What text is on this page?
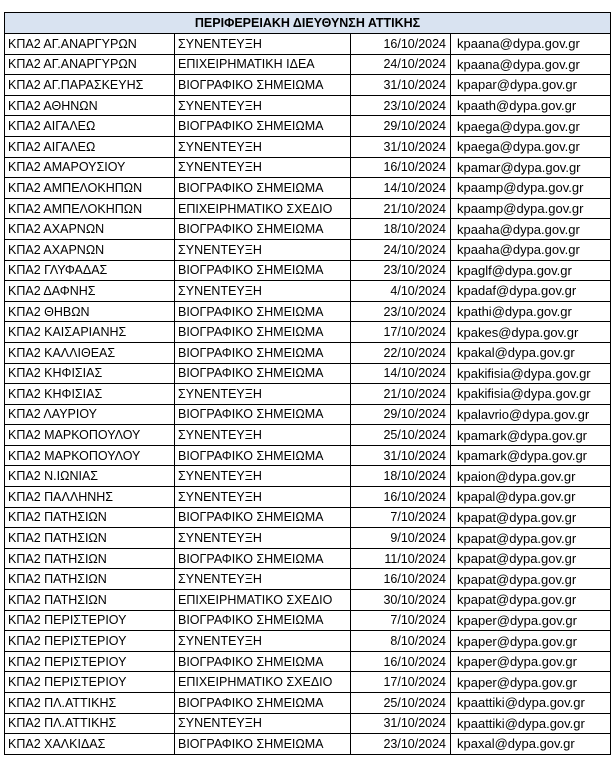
ΠΕΡΙΦΕΡΕΙΑΚΗ ΔΙΕΥΘΥΝΣΗ ΑΤΤΙΚΗΣ			
ΚΠΑ2 ΑΓ.ΑΝΑΡΓΥΡΩΝ	ΣΥΝΕΝΤΕΥΞΗ	16/10/2024	kpaana@dypa.gov.gr
ΚΠΑ2 ΑΓ.ΑΝΑΡΓΥΡΩΝ	ΕΠΙΧΕΙΡΗΜΑΤΙΚΗ ΙΔΕΑ	24/10/2024	kpaana@dypa.gov.gr
ΚΠΑ2 ΑΓ.ΠΑΡΑΣΚΕΥΗΣ	ΒΙΟΓΡΑΦΙΚΟ ΣΗΜΕΙΩΜΑ	31/10/2024	kpapar@dypa.gov.gr
ΚΠΑ2 ΑΘΗΝΩΝ	ΣΥΝΕΝΤΕΥΞΗ	23/10/2024	kpaath@dypa.gov.gr
ΚΠΑ2 ΑΙΓΑΛΕΩ	ΒΙΟΓΡΑΦΙΚΟ ΣΗΜΕΙΩΜΑ	29/10/2024	kpaega@dypa.gov.gr
ΚΠΑ2 ΑΙΓΑΛΕΩ	ΣΥΝΕΝΤΕΥΞΗ	31/10/2024	kpaega@dypa.gov.gr
ΚΠΑ2 ΑΜΑΡΟΥΣΙΟΥ	ΣΥΝΕΝΤΕΥΞΗ	16/10/2024	kpamar@dypa.gov.gr
ΚΠΑ2 ΑΜΠΕΛΟΚΗΠΩΝ	ΒΙΟΓΡΑΦΙΚΟ ΣΗΜΕΙΩΜΑ	14/10/2024	kpaamp@dypa.gov.gr
ΚΠΑ2 ΑΜΠΕΛΟΚΗΠΩΝ	ΕΠΙΧΕΙΡΗΜΑΤΙΚΟ ΣΧΕΔΙΟ	21/10/2024	kpaamp@dypa.gov.gr
ΚΠΑ2 ΑΧΑΡΝΩΝ	ΒΙΟΓΡΑΦΙΚΟ ΣΗΜΕΙΩΜΑ	18/10/2024	kpaaha@dypa.gov.gr
ΚΠΑ2 ΑΧΑΡΝΩΝ	ΣΥΝΕΝΤΕΥΞΗ	24/10/2024	kpaaha@dypa.gov.gr
ΚΠΑ2 ΓΛΥΦΑΔΑΣ	ΒΙΟΓΡΑΦΙΚΟ ΣΗΜΕΙΩΜΑ	23/10/2024	kpaglf@dypa.gov.gr
ΚΠΑ2 ΔΑΦΝΗΣ	ΣΥΝΕΝΤΕΥΞΗ	4/10/2024	kpadaf@dypa.gov.gr
ΚΠΑ2 ΘΗΒΩΝ	ΒΙΟΓΡΑΦΙΚΟ ΣΗΜΕΙΩΜΑ	23/10/2024	kpathi@dypa.gov.gr
ΚΠΑ2 ΚΑΙΣΑΡΙΑΝΗΣ	ΒΙΟΓΡΑΦΙΚΟ ΣΗΜΕΙΩΜΑ	17/10/2024	kpakes@dypa.gov.gr
ΚΠΑ2 ΚΑΛΛΙΘΕΑΣ	ΒΙΟΓΡΑΦΙΚΟ ΣΗΜΕΙΩΜΑ	22/10/2024	kpakal@dypa.gov.gr
ΚΠΑ2 ΚΗΦΙΣΙΑΣ	ΒΙΟΓΡΑΦΙΚΟ ΣΗΜΕΙΩΜΑ	14/10/2024	kpakifisia@dypa.gov.gr
ΚΠΑ2 ΚΗΦΙΣΙΑΣ	ΣΥΝΕΝΤΕΥΞΗ	21/10/2024	kpakifisia@dypa.gov.gr
ΚΠΑ2 ΛΑΥΡΙΟΥ	ΒΙΟΓΡΑΦΙΚΟ ΣΗΜΕΙΩΜΑ	29/10/2024	kpalavrio@dypa.gov.gr
ΚΠΑ2 ΜΑΡΚΟΠΟΥΛΟΥ	ΣΥΝΕΝΤΕΥΞΗ	25/10/2024	kpamark@dypa.gov.gr
ΚΠΑ2 ΜΑΡΚΟΠΟΥΛΟΥ	ΒΙΟΓΡΑΦΙΚΟ ΣΗΜΕΙΩΜΑ	31/10/2024	kpamark@dypa.gov.gr
ΚΠΑ2 Ν.ΙΩΝΙΑΣ	ΣΥΝΕΝΤΕΥΞΗ	18/10/2024	kpaion@dypa.gov.gr
ΚΠΑ2 ΠΑΛΛΗΝΗΣ	ΣΥΝΕΝΤΕΥΞΗ	16/10/2024	kpapal@dypa.gov.gr
ΚΠΑ2 ΠΑΤΗΣΙΩΝ	ΒΙΟΓΡΑΦΙΚΟ ΣΗΜΕΙΩΜΑ	7/10/2024	kpapat@dypa.gov.gr
ΚΠΑ2 ΠΑΤΗΣΙΩΝ	ΣΥΝΕΝΤΕΥΞΗ	9/10/2024	kpapat@dypa.gov.gr
ΚΠΑ2 ΠΑΤΗΣΙΩΝ	ΒΙΟΓΡΑΦΙΚΟ ΣΗΜΕΙΩΜΑ	11/10/2024	kpapat@dypa.gov.gr
ΚΠΑ2 ΠΑΤΗΣΙΩΝ	ΣΥΝΕΝΤΕΥΞΗ	16/10/2024	kpapat@dypa.gov.gr
ΚΠΑ2 ΠΑΤΗΣΙΩΝ	ΕΠΙΧΕΙΡΗΜΑΤΙΚΟ ΣΧΕΔΙΟ	30/10/2024	kpapat@dypa.gov.gr
ΚΠΑ2 ΠΕΡΙΣΤΕΡΙΟΥ	ΒΙΟΓΡΑΦΙΚΟ ΣΗΜΕΙΩΜΑ	7/10/2024	kpaper@dypa.gov.gr
ΚΠΑ2 ΠΕΡΙΣΤΕΡΙΟΥ	ΣΥΝΕΝΤΕΥΞΗ	8/10/2024	kpaper@dypa.gov.gr
ΚΠΑ2 ΠΕΡΙΣΤΕΡΙΟΥ	ΒΙΟΓΡΑΦΙΚΟ ΣΗΜΕΙΩΜΑ	16/10/2024	kpaper@dypa.gov.gr
ΚΠΑ2 ΠΕΡΙΣΤΕΡΙΟΥ	ΕΠΙΧΕΙΡΗΜΑΤΙΚΟ ΣΧΕΔΙΟ	17/10/2024	kpaper@dypa.gov.gr
ΚΠΑ2 ΠΛ.ΑΤΤΙΚΗΣ	ΒΙΟΓΡΑΦΙΚΟ ΣΗΜΕΙΩΜΑ	25/10/2024	kpaattiki@dypa.gov.gr
ΚΠΑ2 ΠΛ.ΑΤΤΙΚΗΣ	ΣΥΝΕΝΤΕΥΞΗ	31/10/2024	kpaattiki@dypa.gov.gr
ΚΠΑ2 ΧΑΛΚΙΔΑΣ	ΒΙΟΓΡΑΦΙΚΟ ΣΗΜΕΙΩΜΑ	23/10/2024	kpaxal@dypa.gov.gr
